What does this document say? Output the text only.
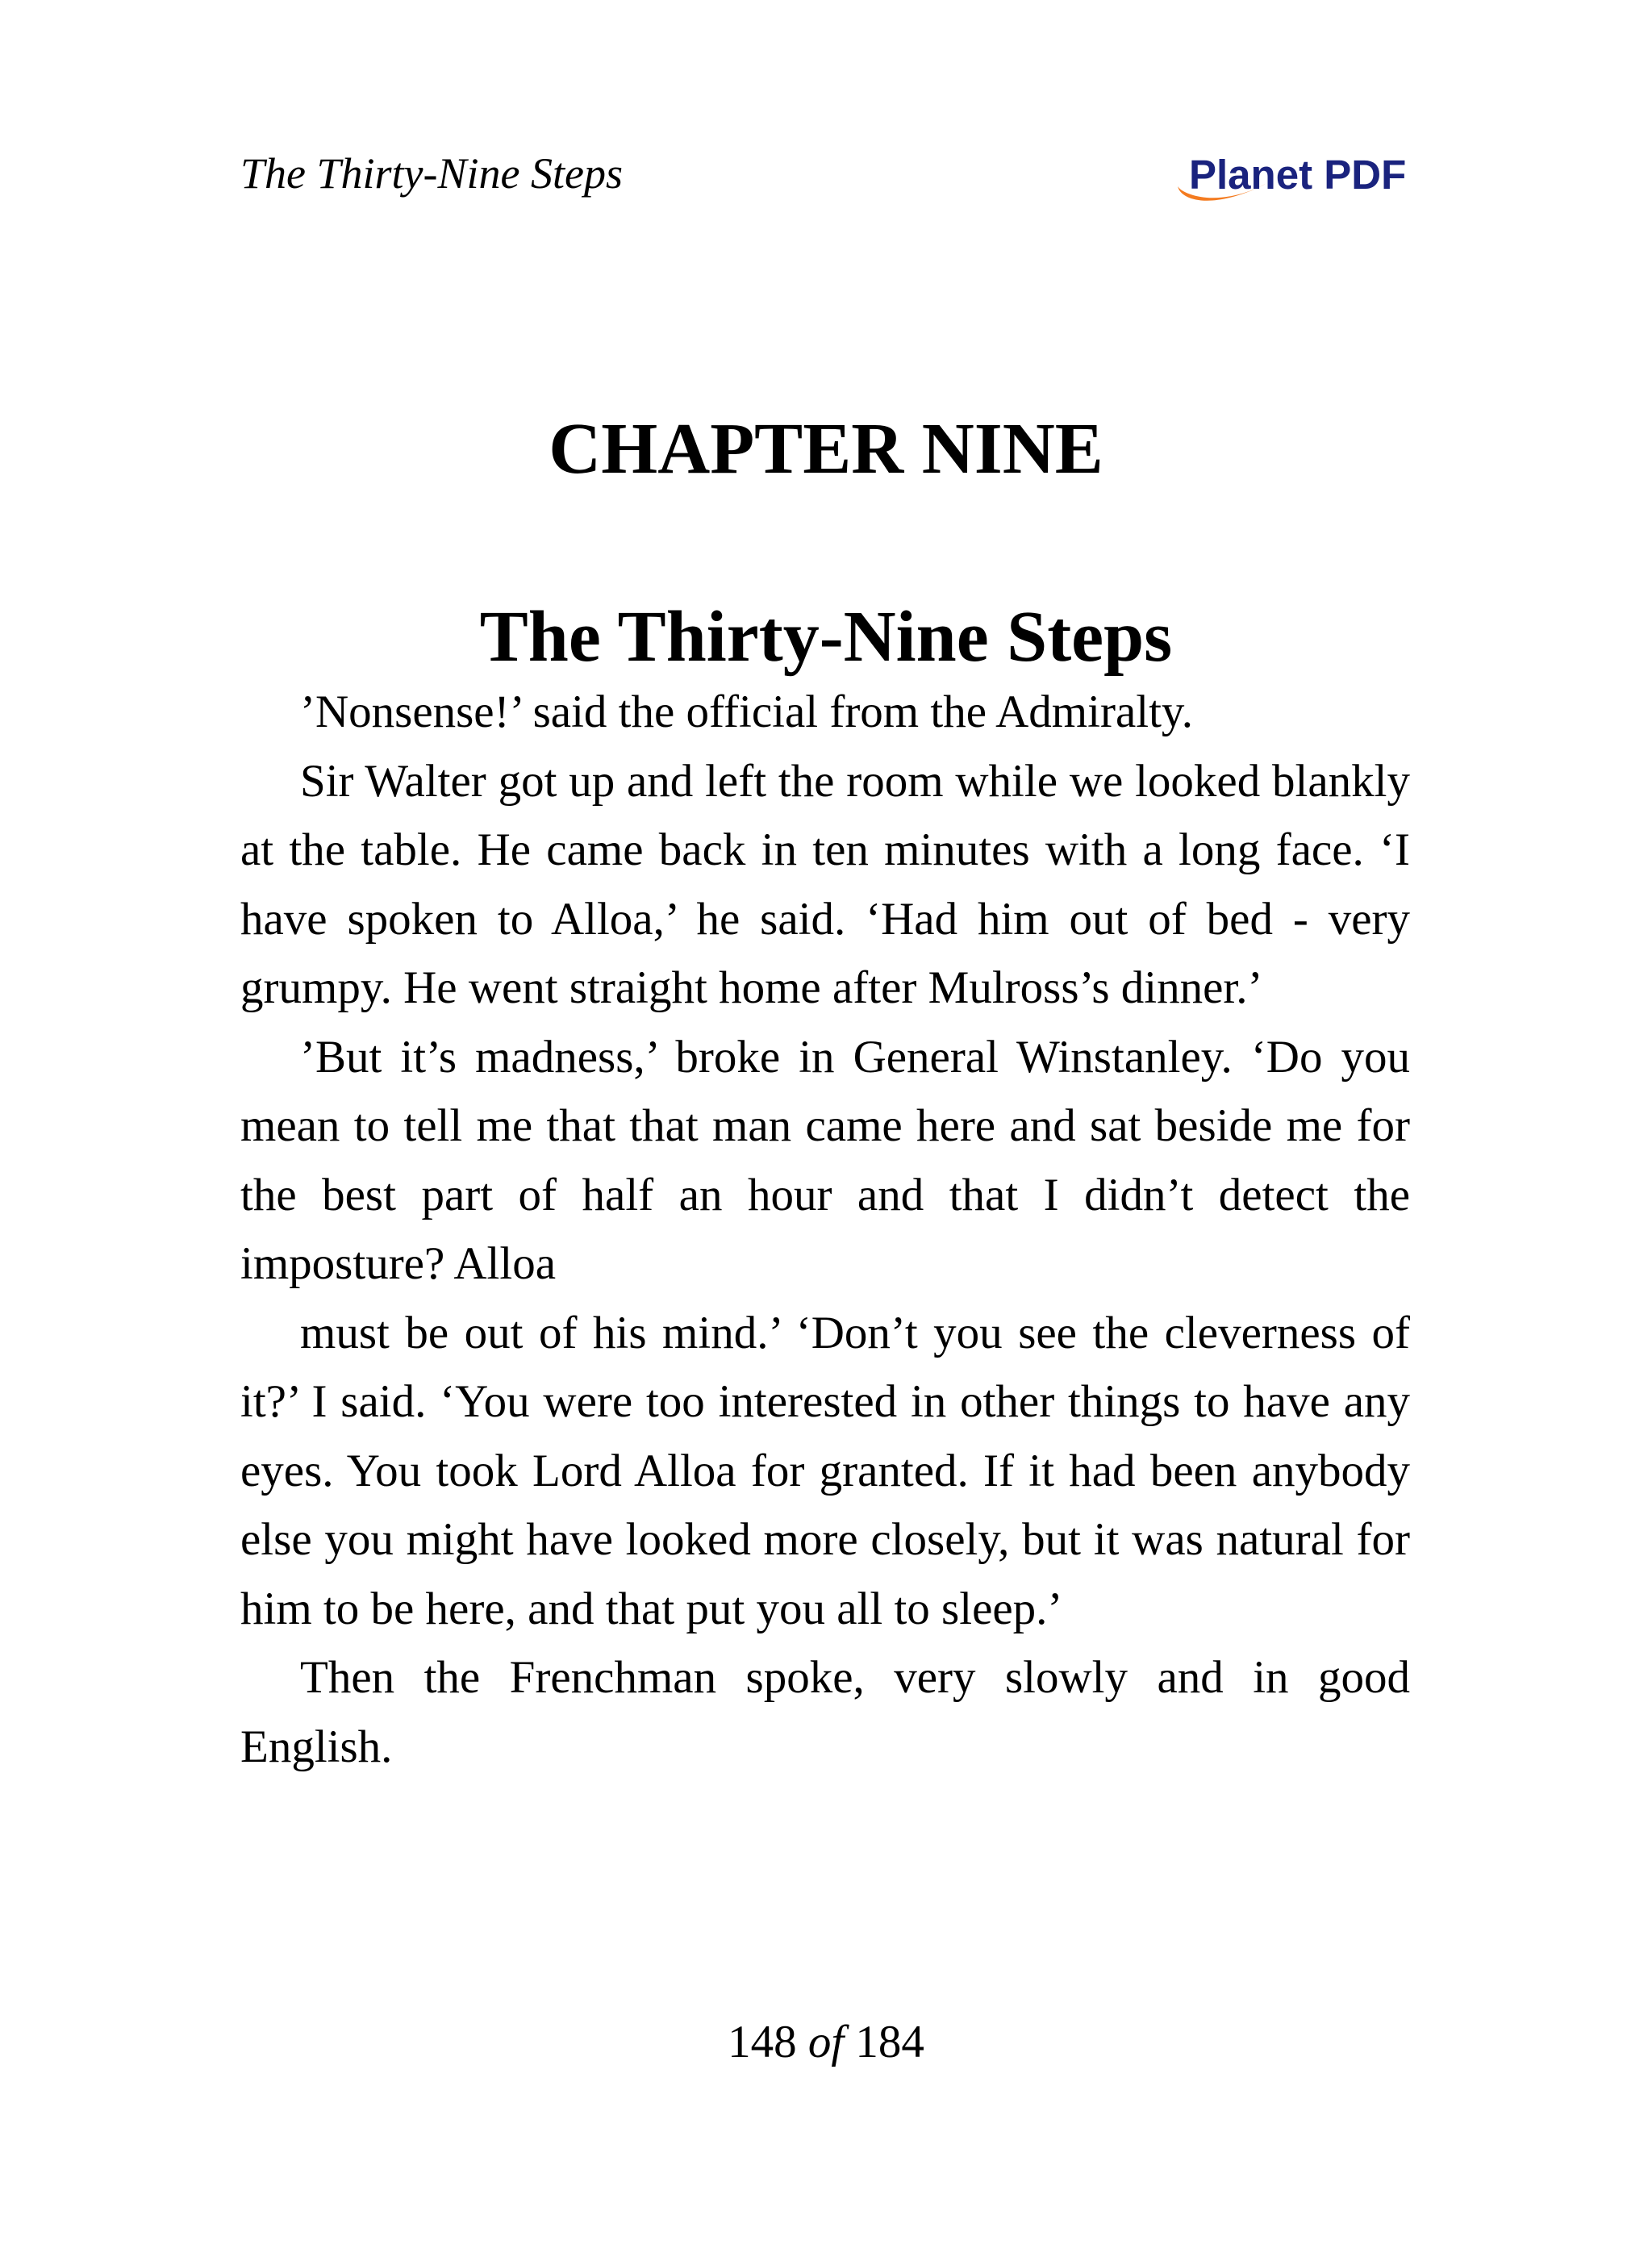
The Thirty-Nine Steps	Planet PDF
CHAPTER NINE
The Thirty-Nine Steps

’Nonsense!’ said the official from the Admiralty.

Sir Walter got up and left the room while we looked blankly at the table. He came back in ten minutes with a long face. ‘I have spoken to Alloa,’ he said. ‘Had him out of bed - very grumpy. He went straight home after Mulross’s dinner.’

’But it’s madness,’ broke in General Winstanley. ‘Do you mean to tell me that that man came here and sat beside me for the best part of half an hour and that I didn’t detect the imposture? Alloa

must be out of his mind.’ ‘Don’t you see the cleverness of it?’ I said. ‘You were too interested in other things to have any eyes. You took Lord Alloa for granted. If it had been anybody else you might have looked more closely, but it was natural for him to be here, and that put you all to sleep.’

Then the Frenchman spoke, very slowly and in good English.

148 of 184
